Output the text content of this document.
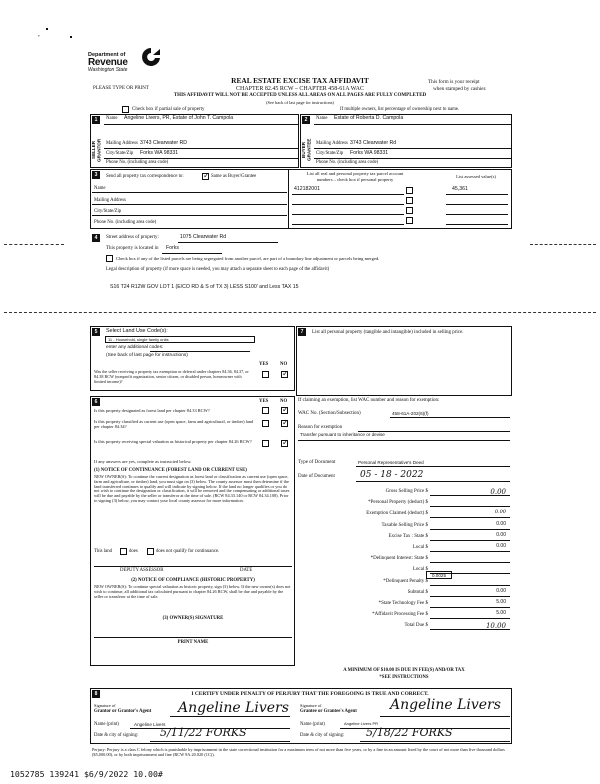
,
Department of
Revenue
Washington State
REAL ESTATE EXCISE TAX AFFIDAVIT
CHAPTER 82.45 RCW – CHAPTER 458-61A WAC
THIS AFFIDAVIT WILL NOT BE ACCEPTED UNLESS ALL AREAS ON ALL PAGES ARE FULLY COMPLETED
(See back of last page for instructions)
PLEASE TYPE OR PRINT
This form is your receipt
when stamped by cashier.
Check box if partial sale of property	If multiple owners, list percentage of ownership next to name.
1	2
SELLER GRANTOR	BUYER GRANTEE
Name Angeline Livers, PR, Estate of John T. Campola
Mailing Address 3743 Clearwater RD
City/State/Zip Forks WA 98331
Phone No. (including area code)
Name Estate of Roberta D. Campola
Mailing Address 3743 Clearwater Rd
City/State/Zip Forks WA 98331
Phone No. (including area code)
3	Send all property tax correspondence to: ✓	Same as Buyer/Grantee
Name
Mailing Address
City/State/Zip
Phone No. (including area code)
List all real and personal property tax parcel account
numbers – check box if personal property
List assessed value(s)
412182001	45,361
4	Street address of property:	1075 Clearwater Rd
This property is located in Forks
Check box if any of the listed parcels are being segregated from another parcel, are part of a boundary line adjustment or parcels being merged.
Legal description of property (if more space is needed, you may attach a separate sheet to each page of the affidavit)
S16 T24 R12W GOV LOT 1 (E/CO RD & S of TX 3) LESS S100' and Less TAX 15
5	Select Land Use Code(s):
11 - Household, single family units
enter any additional codes:
(See back of last page for instructions)
YES NO
Was the seller receiving a property tax exemption or deferral under chapters 84.36, 84.37, or 84.38 RCW (nonprofit organization, senior citizen, or disabled person, homeowner with limited income)?
✓
6	YES NO
Is this property designated as forest land per chapter 84.33 RCW?
✓
Is this property classified as current use (open space, farm and agricultural, or timber) land per chapter 84.34?
✓
Is this property receiving special valuation as historical property per chapter 84.26 RCW?
✓
If any answers are yes, complete as instructed below.
(1) NOTICE OF CONTINUANCE (FOREST LAND OR CURRENT USE)
NEW OWNER(S): To continue the current designation as forest land or classification as current use (open space, farm and agriculture, or timber) land, you must sign on (3) below. The county assessor must then determine if the land transferred continues to qualify and will indicate by signing below. If the land no longer qualifies or you do not wish to continue the designation or classification, it will be removed and the compensating or additional taxes will be due and payable by the seller or transferor at the time of sale. (RCW 84.33.140 or RCW 84.34.108). Prior to signing (3) below, you may contact your local county assessor for more information.
This land	does	does not qualify for continuance.
DEPUTY ASSESSOR	DATE
(2) NOTICE OF COMPLIANCE (HISTORIC PROPERTY)
NEW OWNER(S): To continue special valuation as historic property, sign (3) below. If the new owner(s) does not wish to continue, all additional tax calculated pursuant to chapter 84.26 RCW, shall be due and payable by the seller or transferor at the time of sale.
(3) OWNER(S) SIGNATURE
PRINT NAME
7	List all personal property (tangible and intangible) included in selling price.
If claiming an exemption, list WAC number and reason for exemption:
WAC No. (Section/Subsection)	458-61A-202(6)(f)
Reason for exemption
Transfer pursuant to inheritance or devise
Type of Document	Personal Representative's Deed
Date of Document	05 - 18 - 2022
Gross Selling Price $	0.00
*Personal Property (deduct) $
Exemption Claimed (deduct) $	0.00
Taxable Selling Price $	0.00
Excise Tax : State $	0.00
Local $	0.00
*Delinquent Interest: State $
Local $
*Delinquent Penalty $
Subtotal $	0.00
*State Technology Fee $	5.00
*Affidavit Processing Fee $	5.00
Total Due $	10.00
0.0025
A MINIMUM OF $10.00 IS DUE IN FEE(S) AND/OR TAX
*SEE INSTRUCTIONS
8	I CERTIFY UNDER PENALTY OF PERJURY THAT THE FOREGOING IS TRUE AND CORRECT.
Signature of
Grantor or Grantor's Agent Angeline Livers
Name (print)	Angeline Livers
Date & city of signing: 5/11/22 FORKS
Signature of
Grantee or Grantee's Agent Angeline Livers
Name (print)	Angeline Livers PR
Date & city of signing: 5/18/22 FORKS
Perjury: Perjury is a class C felony which is punishable by imprisonment in the state correctional institution for a maximum term of not more than five years, or by a fine in an amount fixed by the court of not more than five thousand dollars ($5,000.00), or by both imprisonment and fine (RCW 9A.20.020 (1C)).
1052785 139241 $6/9/2022 10.00#
